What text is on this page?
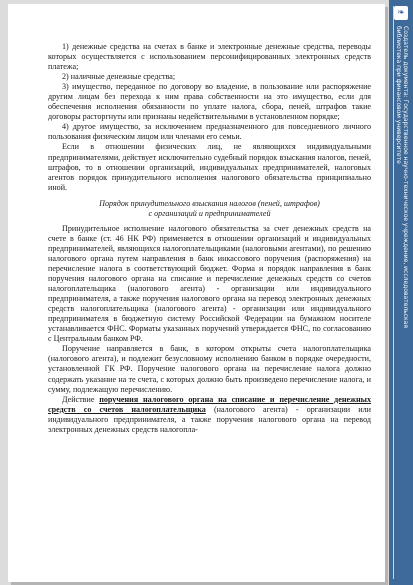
❧
Создатель документа: Государственное научно-техническое учреждение, исследовательская библиотека при финансовом университете

1) денежные средства на счетах в банке и электронные денежные средства, переводы которых осуществляется с использованием персонифицированных электронных средств платежа;

2) наличные денежные средства;

3) имущество, переданное по договору во владение, в пользование или распоряжение другим лицам без перехода к ним права собственности на это имущество, если для обеспечения исполнения обязанности по уплате налога, сбора, пеней, штрафов такие договоры расторгнуты или признаны недействительными в установленном порядке;

4) другое имущество, за исключением предназначенного для повседневного личного пользования физическим лицом или членами его семьи.

Если в отношении физических лиц, не являющихся индивидуальными предпринимателями, действует исключительно судебный порядок взыскания налогов, пеней, штрафов, то в отношении организаций, индивидуальных предпринимателей, налоговых агентов порядок принудительного исполнения налогового обязательства принципиально иной.

Порядок принудительного взыскания налогов (пеней, штрафов)
с организаций и предпринимателей

Принудительное исполнение налогового обязательства за счет денежных средств на счете в банке (ст. 46 НК РФ) применяется в отношении организаций и индивидуальных предпринимателей, являющихся налогоплательщиками (налоговыми агентами), по решению налогового органа путем направления в банк инкассового поручения (распоряжения) на перечисление налога в соответствующий бюджет. Форма и порядок направления в банк поручения налогового органа на списание и перечисление денежных средств со счетов налогоплательщика (налогового агента) - организации или индивидуального предпринимателя, а также поручения налогового органа на перевод электронных денежных средств налогоплательщика (налогового агента) - организации или индивидуального предпринимателя в бюджетную систему Российской Федерации на бумажном носителе устанавливается ФНС. Форматы указанных поручений утверждается ФНС, по согласованию с Центральным банком РФ.

Поручение направляется в банк, в котором открыты счета налогоплательщика (налогового агента), и подлежит безусловному исполнению банком в порядке очередности, установленной ГК РФ. Поручение налогового органа на перечисление налога должно содержать указание на те счета, с которых должно быть произведено перечисление налога, и сумму, подлежащую перечислению.

Действие поручения налогового органа на списание и перечисление денежных средств со счетов налогоплательщика (налогового агента) - организации или индивидуального предпринимателя, а также поручения налогового органа на перевод электронных денежных средств налогопла-
